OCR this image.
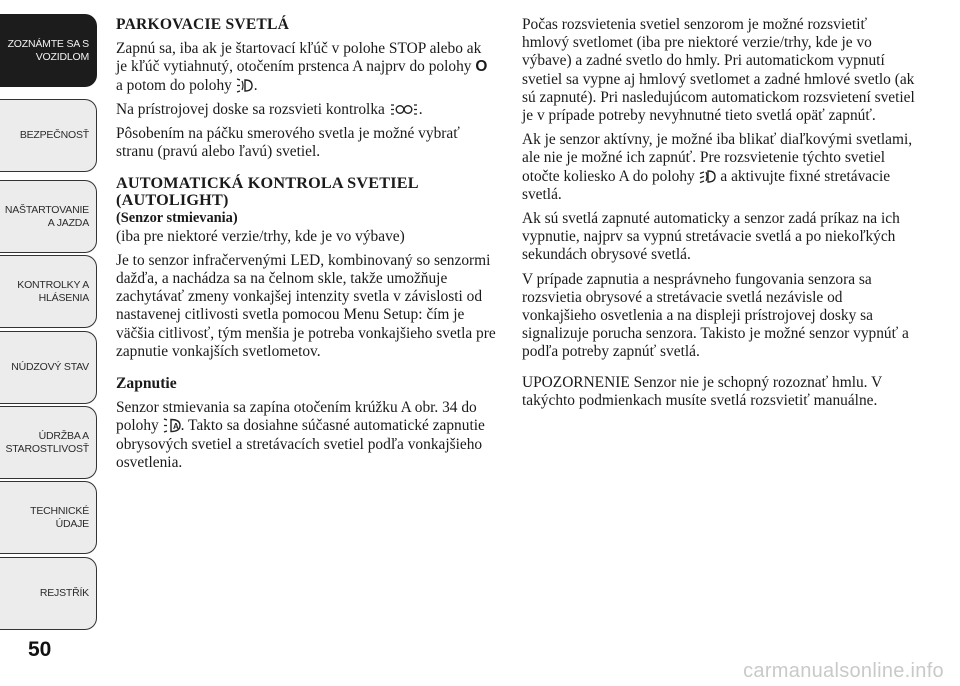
ZOZNÁMTE SA S
VOZIDLOM
BEZPEČNOSŤ
NAŠTARTOVANIE
A JAZDA
KONTROLKY A
HLÁSENIA
NÚDZOVÝ STAV
ÚDRŽBA A
STAROSTLIVOSŤ
TECHNICKÉ
ÚDAJE
REJSTŘÍK
50
PARKOVACIE SVETLÁ

Zapnú sa, iba ak je štartovací kľúč v polohe STOP alebo ak je kľúč vytiahnutý, otočením prstenca A najprv do polohy O a potom do polohy .

Na prístrojovej doske sa rozsvieti kontrolka .

Pôsobením na páčku smerového svetla je možné vybrať stranu (pravú alebo ľavú) svetiel.

AUTOMATICKÁ KONTROLA SVETIEL (AUTOLIGHT)
(Senzor stmievania)

(iba pre niektoré verzie/trhy, kde je vo výbave)

Je to senzor infračervenými LED, kombinovaný so senzormi dažďa, a nachádza sa na čelnom skle, takže umožňuje zachytávať zmeny vonkajšej intenzity svetla v závislosti od nastavenej citlivosti svetla pomocou Menu Setup: čím je väčšia citlivosť, tým menšia je potreba vonkajšieho svetla pre zapnutie vonkajších svetlometov.

Zapnutie

Senzor stmievania sa zapína otočením krúžku A obr. 34 do polohy A . Takto sa dosiahne súčasné automatické zapnutie obrysových svetiel a stretávacích svetiel podľa vonkajšieho osvetlenia.

Počas rozsvietenia svetiel senzorom je možné rozsvietiť hmlový svetlomet (iba pre niektoré verzie/trhy, kde je vo výbave) a zadné svetlo do hmly. Pri automatickom vypnutí svetiel sa vypne aj hmlový svetlomet a zadné hmlové svetlo (ak sú zapnuté). Pri nasledujúcom automatickom rozsvietení svetiel je v prípade potreby nevyhnutné tieto svetlá opäť zapnúť.

Ak je senzor aktívny, je možné iba blikať diaľkovými svetlami, ale nie je možné ich zapnúť. Pre rozsvietenie týchto svetiel otočte koliesko A do polohy  a aktivujte fixné stretávacie svetlá.

Ak sú svetlá zapnuté automaticky a senzor zadá príkaz na ich vypnutie, najprv sa vypnú stretávacie svetlá a po niekoľkých sekundách obrysové svetlá.

V prípade zapnutia a nesprávneho fungovania senzora sa rozsvietia obrysové a stretávacie svetlá nezávisle od vonkajšieho osvetlenia a na displeji prístrojovej dosky sa signalizuje porucha senzora. Takisto je možné senzor vypnúť a podľa potreby zapnúť svetlá.

UPOZORNENIE Senzor nie je schopný rozoznať hmlu. V takýchto podmienkach musíte svetlá rozsvietiť manuálne.

carmanualsonline.info
